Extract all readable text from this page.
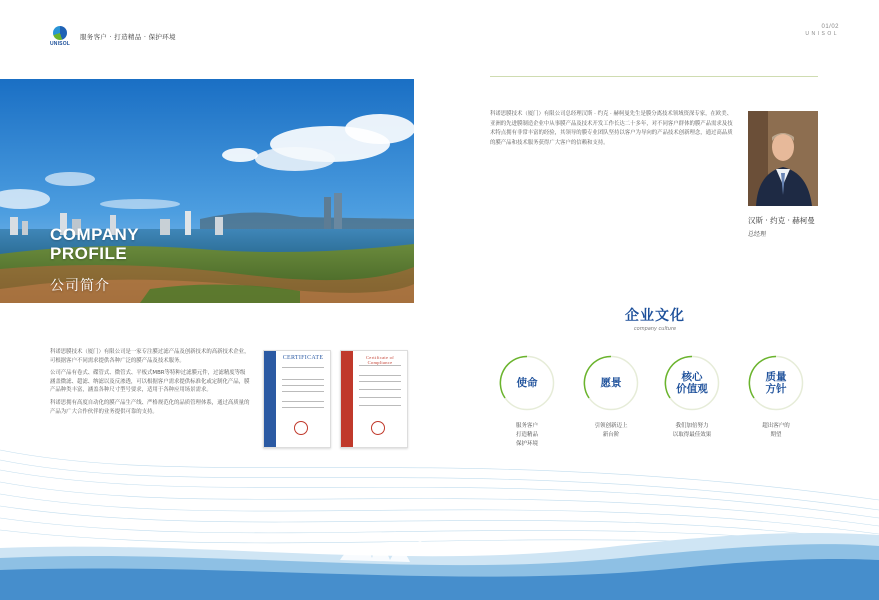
UNISOL
服务客户 · 打造精品 · 保护环境
01/02
UNISOL
COMPANY
PROFILE
公司简介

科诺思膜技术（厦门）有限公司是一家专注膜过滤产品及创新技术的高新技术企业，可根据客户不同需求提供各种广泛的膜产品及技术服务。

公司产品有卷式、碟管式、微管式、平板式MBR等特种过滤膜元件，过滤精度等级涵盖微滤、超滤、纳滤以及反渗透，可以根据客户需求提供标准化或定制化产品，膜产品种类丰富，涵盖各种尺寸型号要求，适用于各种应用场景需求。

科诺思拥有高度自动化的膜产品生产线、严格规范化的品质管理体系，通过高质量的产品为广大合作伙伴的业务提供可靠的支持。

CERTIFICATE	Certificate of Compliance
科诺思膜技术（厦门）有限公司总经理汉斯 · 约克 · 赫柯曼先生是膜分离技术领域资深专家，在欧美、亚洲的先进膜制造企业中从事膜产品及技术开发工作长达二十多年，对不同客户群体的膜产品需求及技术特点拥有非常丰富的经验，其领导的膜专业团队坚持以客户为导向的产品技术创新理念，通过高品质的膜产品和技术服务获得广大客户的信赖和支持。
汉斯 · 约克 · 赫柯曼
总经理
企业文化
company culture
使命
服务客户
打造精品
保护环境
愿景
引领创新迈上
新台阶
核心
价值观
我们加倍努力
以取得最佳效果
质量
方针
超出客户的
期望
